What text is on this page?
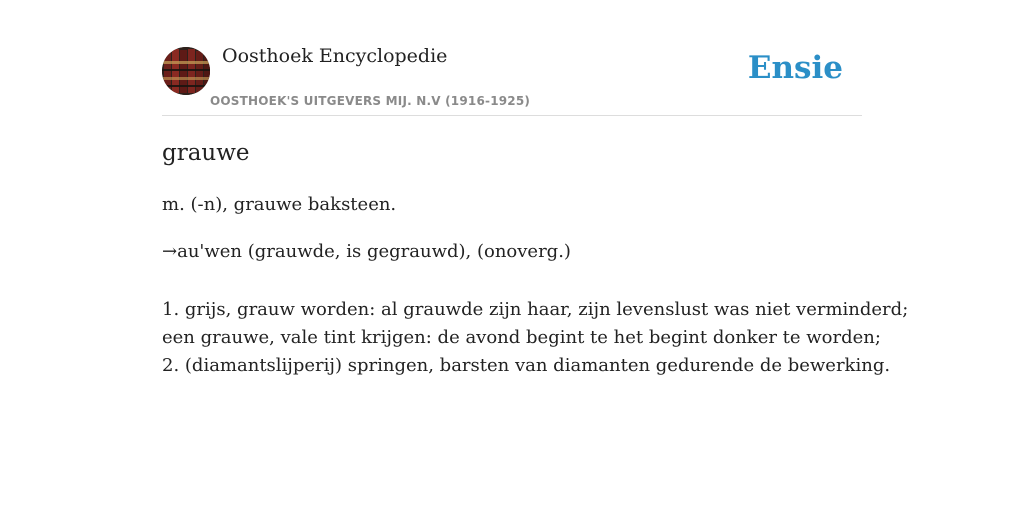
Oosthoek Encyclopedie
OOSTHOEK'S UITGEVERS MIJ. N.V (1916-1925)
Ensie
grauwe

m. (-n), grauwe baksteen.

→au'wen (grauwde, is gegrauwd), (onoverg.)

1. grijs, grauw worden: al grauwde zijn haar, zijn levenslust was niet verminderd;
een grauwe, vale tint krijgen: de avond begint te het begint donker te worden;
2. (diamantslijperij) springen, barsten van diamanten gedurende de bewerking.
